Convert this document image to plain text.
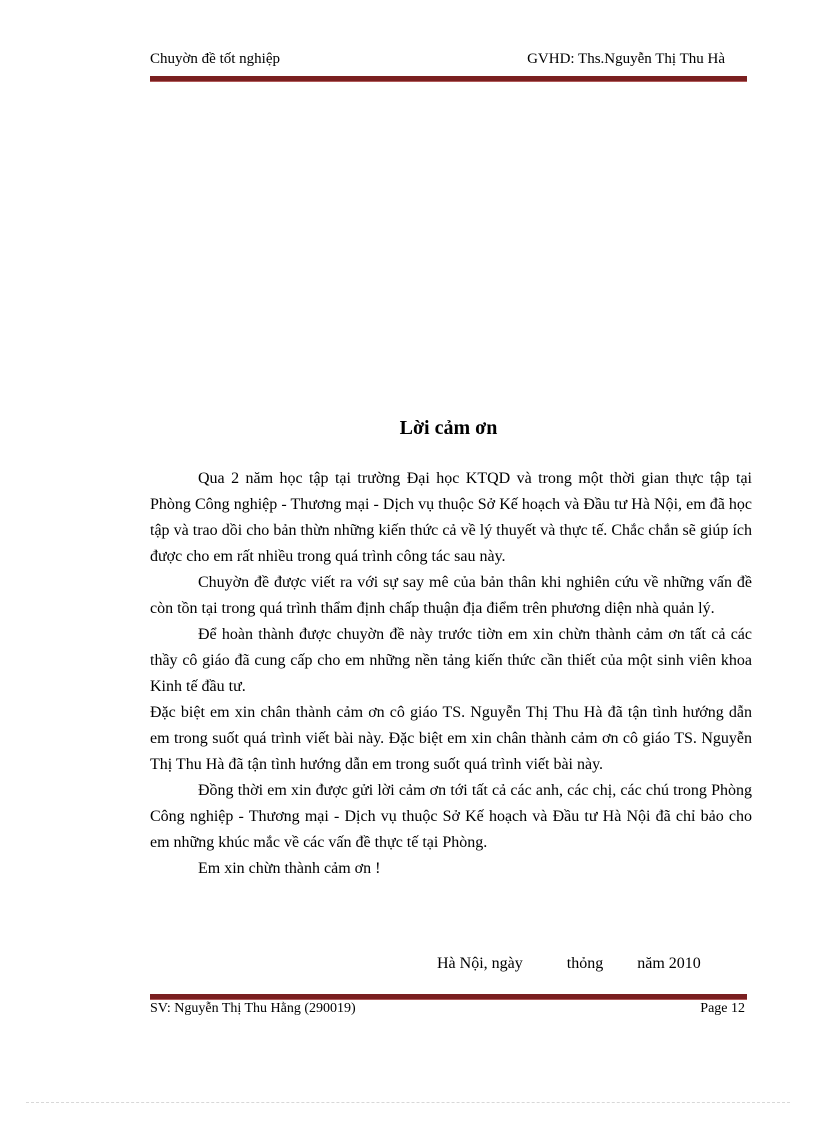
Chuyờn đề tốt nghiệp	GVHD: Ths.Nguyễn Thị Thu Hà
Lời cảm ơn

Qua 2 năm học tập tại trường Đại học KTQD và trong một thời gian thực tập tại Phòng Công nghiệp - Thương mại - Dịch vụ thuộc Sở Kế hoạch và Đầu tư Hà Nội, em đã học tập và trao dồi cho bản thừn những kiến thức cả về lý thuyết và thực tế. Chắc chắn sẽ giúp ích được cho em rất nhiều trong quá trình công tác sau này.

Chuyờn đề được viết ra với sự say mê của bản thân khi nghiên cứu về những vấn đề còn tồn tại trong quá trình thẩm định chấp thuận địa điểm trên phương diện nhà quản lý.

Để hoàn thành được chuyờn đề này trước tiờn em xin chừn thành cảm ơn tất cả các thầy cô giáo đã cung cấp cho em những nền tảng kiến thức cần thiết của một sinh viên khoa Kinh tế đầu tư.

Đặc biệt em xin chân thành cảm ơn cô giáo TS. Nguyễn Thị Thu Hà đã tận tình hướng dẫn em trong suốt quá trình viết bài này. Đặc biệt em xin chân thành cảm ơn cô giáo TS. Nguyễn Thị Thu Hà đã tận tình hướng dẫn em trong suốt quá trình viết bài này.

Đồng thời em xin được gửi lời cảm ơn tới tất cả các anh, các chị, các chú trong Phòng Công nghiệp - Thương mại - Dịch vụ thuộc Sở Kế hoạch và Đầu tư Hà Nội đã chỉ bảo cho em những khúc mắc về các vấn đề thực tế tại Phòng.

Em xin chừn thành cảm ơn !

Hà Nội, ngày	thỏng năm 2010
SV: Nguyễn Thị Thu Hằng (290019)	Page 12
